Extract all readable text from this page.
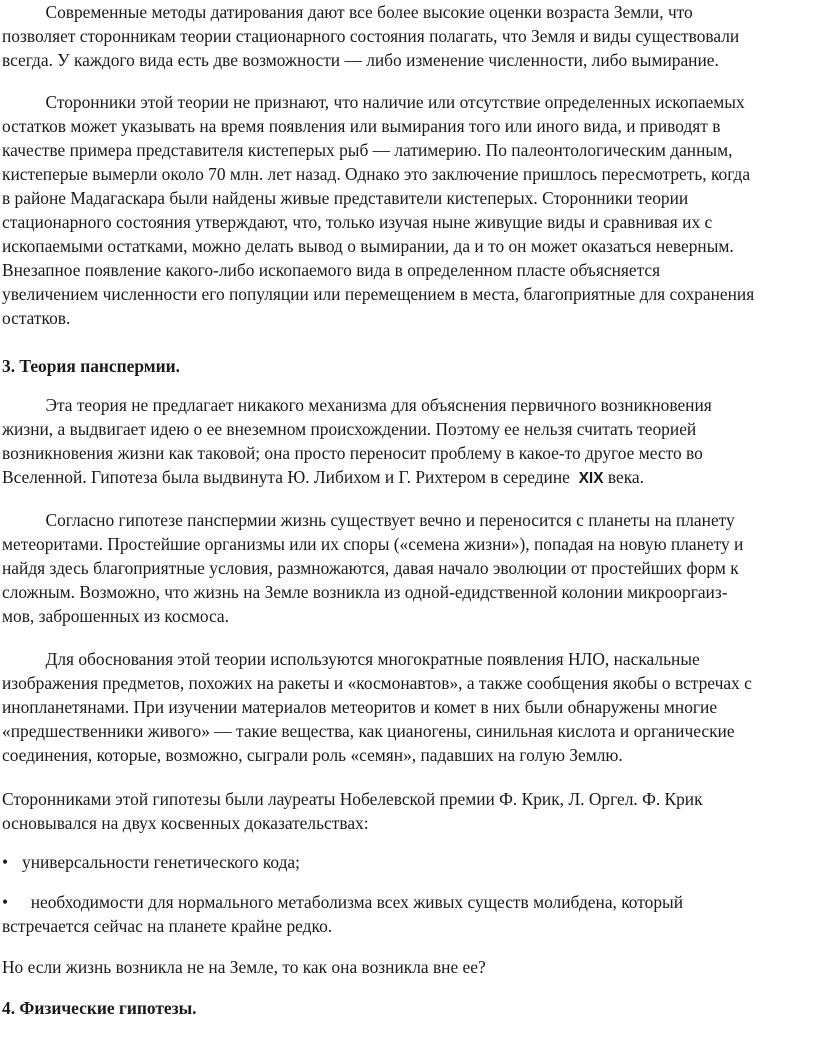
Современные методы датирования дают все более высокие оценки возраста Земли, что
позволяет сторонникам теории стационарного состояния полагать, что Земля и виды существовали
всегда. У каждого вида есть две возможности — либо изменение численности, либо вымирание.

Сторонники этой теории не признают, что наличие или отсутствие определенных ископаемых
остатков может указывать на время появления или вымирания того или иного вида, и приводят в
качестве примера представителя кистеперых рыб — латимерию. По палеонтологическим данным,
кистеперые вымерли около 70 млн. лет назад. Однако это заключение пришлось пересмотреть, когда
в районе Мадагаскара были найдены живые представители кистеперых. Сторонники теории
стационарного состояния утверждают, что, только изучая ныне живущие виды и сравнивая их с
ископаемыми остатками, можно делать вывод о вымирании, да и то он может оказаться неверным.
Внезапное появление какого-либо ископаемого вида в определенном пласте объясняется
увеличением численности его популяции или перемещением в места, благоприятные для сохранения
остатков.

3. Теория панспермии.

Эта теория не предлагает никакого механизма для объяснения первичного возникновения
жизни, а выдвигает идею о ее внеземном происхождении. Поэтому ее нельзя считать теорией
возникновения жизни как таковой; она просто переносит проблему в какое-то другое место во
Вселенной. Гипотеза была выдвинута Ю. Либихом и Г. Рихтером в середине  XIX века.

Согласно гипотезе панспермии жизнь существует вечно и переносится с планеты на планету
метеоритами. Простейшие организмы или их споры («семена жизни»), попадая на новую планету и
найдя здесь благоприятные условия, размножаются, давая начало эволюции от простейших форм к
сложным. Возможно, что жизнь на Земле возникла из одной-едидственной колонии микрооргаиз-
мов, заброшенных из космоса.

Для обоснования этой теории используются многократные появления НЛО, наскальные
изображения предметов, похожих на ракеты и «космонавтов», а также сообщения якобы о встречах с
инопланетянами. При изучении материалов метеоритов и комет в них были обнаружены многие
«предшественники живого» — такие вещества, как цианогены, синильная кислота и органические
соединения, которые, возможно, сыграли роль «семян», падавших на голую Землю.

Сторонниками этой гипотезы были лауреаты Нобелевской премии Ф. Крик, Л. Оргел. Ф. Крик
основывался на двух косвенных доказательствах:

• универсальности генетического кода;

•  необходимости для нормального метаболизма всех живых существ молибдена, который
встречается сейчас на планете крайне редко.

Но если жизнь возникла не на Земле, то как она возникла вне ее?

4. Физические гипотезы.
